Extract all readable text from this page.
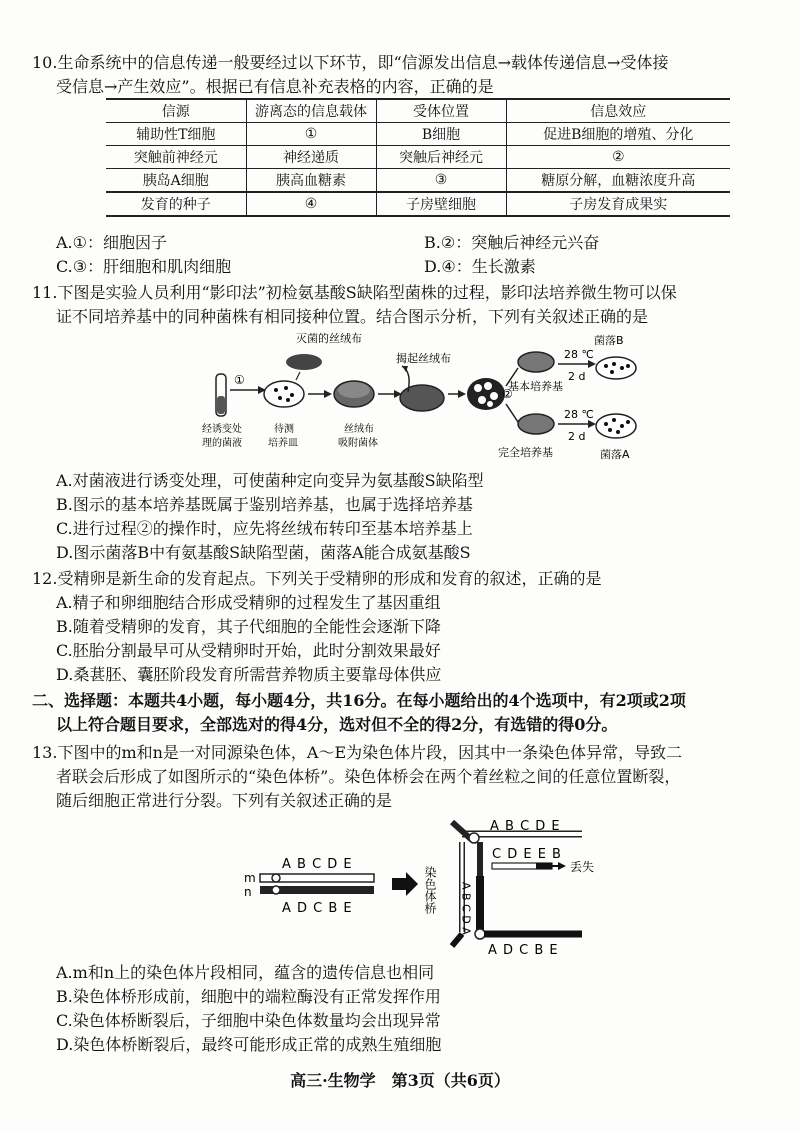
10.生命系统中的信息传递一般要经过以下环节，即“信源发出信息→载体传递信息→受体接
受信息→产生效应”。根据已有信息补充表格的内容，正确的是
信源	游离态的信息载体	受体位置	信息效应
辅助性T细胞	①	B细胞	促进B细胞的增殖、分化
突触前神经元	神经递质	突触后神经元	②
胰岛A细胞	胰高血糖素	③	糖原分解，血糖浓度升高
发育的种子	④	子房壁细胞	子房发育成果实
A.①：细胞因子	B.②：突触后神经元兴奋
C.③：肝细胞和肌肉细胞	D.④：生长激素
11.下图是实验人员利用“影印法”初检氨基酸S缺陷型菌株的过程，影印法培养微生物可以保
证不同培养基中的同种菌株有相同接种位置。结合图示分析，下列有关叙述正确的是
①
灭菌的丝绒布
揭起丝绒布
②
基本培养基
28 ℃
2 d
菌落B
完全培养基
28 ℃
2 d
菌落A
经诱变处
理的菌液
待测
培养皿
丝绒布
吸附菌体
A.对菌液进行诱变处理，可使菌种定向变异为氨基酸S缺陷型
B.图示的基本培养基既属于鉴别培养基，也属于选择培养基
C.进行过程②的操作时，应先将丝绒布转印至基本培养基上
D.图示菌落B中有氨基酸S缺陷型菌，菌落A能合成氨基酸S
12.受精卵是新生命的发育起点。下列关于受精卵的形成和发育的叙述，正确的是
A.精子和卵细胞结合形成受精卵的过程发生了基因重组
B.随着受精卵的发育，其子代细胞的全能性会逐渐下降
C.胚胎分割最早可从受精卵时开始，此时分割效果最好
D.桑葚胚、囊胚阶段发育所需营养物质主要靠母体供应
二、选择题：本题共4小题，每小题4分，共16分。在每小题给出的4个选项中，有2项或2项
以上符合题目要求，全部选对的得4分，选对但不全的得2分，有选错的得0分。
13.下图中的m和n是一对同源染色体，A～E为染色体片段，因其中一条染色体异常，导致二
者联会后形成了如图所示的“染色体桥”。染色体桥会在两个着丝粒之间的任意位置断裂，
随后细胞正常进行分裂。下列有关叙述正确的是
A B C D E
m
n
A D C B E	染色体桥
A B C D E
C D E E B
丢失
A B C D A
A D C B E
A.m和n上的染色体片段相同，蕴含的遗传信息也相同
B.染色体桥形成前，细胞中的端粒酶没有正常发挥作用
C.染色体桥断裂后，子细胞中染色体数量均会出现异常
D.染色体桥断裂后，最终可能形成正常的成熟生殖细胞
高三·生物学　第3页（共6页）
